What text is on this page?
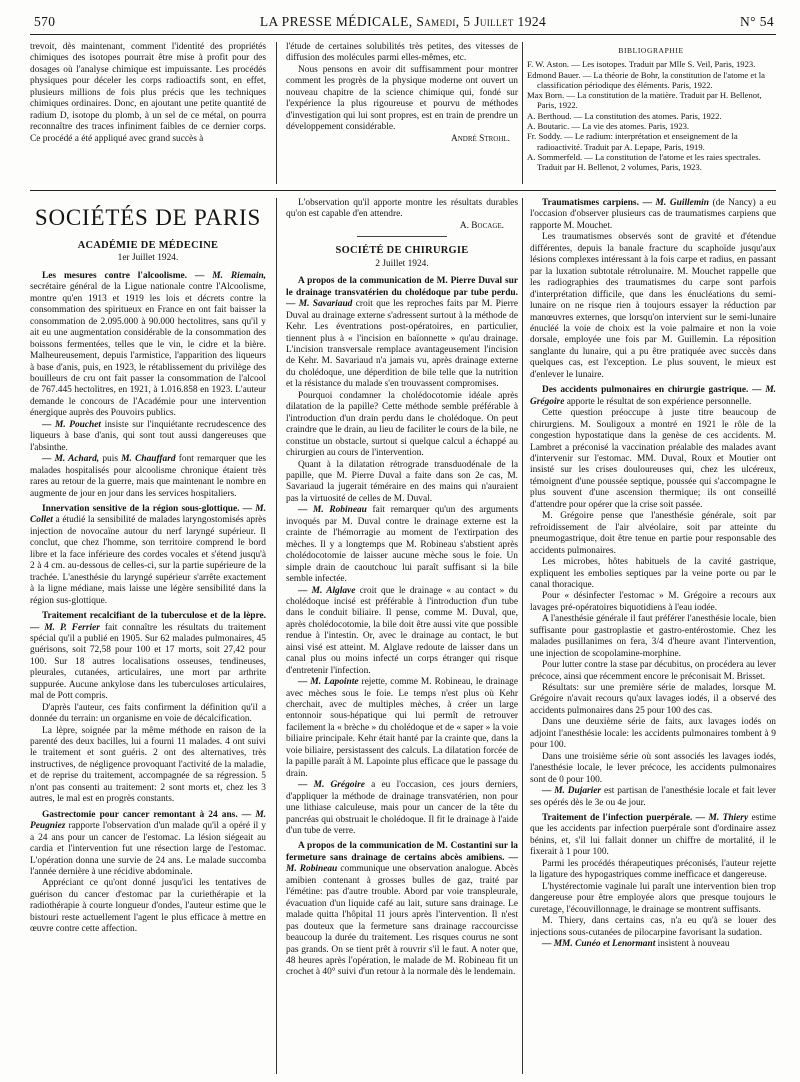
570	LA PRESSE MÉDICALE, Samedi, 5 Juillet 1924	N° 54

trevoit, dès maintenant, comment l'identité des propriétés chimiques des isotopes pourrait être mise à profit pour des dosages où l'analyse chimique est impuissante. Les procédés physiques pour déceler les corps radioactifs sont, en effet, plusieurs millions de fois plus précis que les techniques chimiques ordinaires. Donc, en ajoutant une petite quantité de radium D, isotope du plomb, à un sel de ce métal, on pourra reconnaître des traces infiniment faibles de ce dernier corps. Ce procédé a été appliqué avec grand succès à

l'étude de certaines solubilités très petites, des vitesses de diffusion des molécules parmi elles-mêmes, etc.

Nous pensons en avoir dit suffisamment pour montrer comment les progrès de la physique moderne ont ouvert un nouveau chapitre de la science chimique qui, fondé sur l'expérience la plus rigoureuse et pourvu de méthodes d'investigation qui lui sont propres, est en train de prendre un développement considérable.

André Strohl.
BIBLIOGRAPHIE

F. W. Aston. — Les isotopes. Traduit par Mlle S. Veil, Paris, 1923.

Edmond Bauer. — La théorie de Bohr, la constitution de l'atome et la classification périodique des éléments. Paris, 1922.

Max Born. — La constitution de la matière. Traduit par H. Bellenot, Paris, 1922.

A. Berthoud. — La constitution des atomes. Paris, 1922.

A. Boutaric. — La vie des atomes. Paris, 1923.

Fr. Soddy. — Le radium: interprétation et enseignement de la radioactivité. Traduit par A. Lepape, Paris, 1919.

A. Sommerfeld. — La constitution de l'atome et les raies spectrales. Traduit par H. Bellenot, 2 volumes, Paris, 1923.

SOCIÉTÉS DE PARIS
ACADÉMIE DE MÉDECINE
1er Juillet 1924.

Les mesures contre l'alcoolisme. — M. Riemain, secrétaire général de la Ligue nationale contre l'Alcoolisme, montre qu'en 1913 et 1919 les lois et décrets contre la consommation des spiritueux en France en ont fait baisser la consommation de 2.095.000 à 90.000 hectolitres, sans qu'il y ait eu une augmentation considérable de la consommation des boissons fermentées, telles que le vin, le cidre et la bière. Malheureusement, depuis l'armistice, l'apparition des liqueurs à base d'anis, puis, en 1923, le rétablissement du privilège des bouilleurs de cru ont fait passer la consommation de l'alcool de 767.445 hectolitres, en 1921, à 1.016.858 en 1923. L'auteur demande le concours de l'Académie pour une intervention énergique auprès des Pouvoirs publics.

— M. Pouchet insiste sur l'inquiétante recrudescence des liqueurs à base d'anis, qui sont tout aussi dangereuses que l'absinthe.

— M. Achard, puis M. Chauffard font remarquer que les malades hospitalisés pour alcoolisme chronique étaient très rares au retour de la guerre, mais que maintenant le nombre en augmente de jour en jour dans les services hospitaliers.

Innervation sensitive de la région sous-glottique. — M. Collet a étudié la sensibilité de malades laryngostomisés après injection de novocaïne autour du nerf laryngé supérieur. Il conclut, que chez l'homme, son territoire comprend le bord libre et la face inférieure des cordes vocales et s'étend jusqu'à 2 à 4 cm. au-dessous de celles-ci, sur la partie supérieure de la trachée. L'anesthésie du laryngé supérieur s'arrête exactement à la ligne médiane, mais laisse une légère sensibilité dans la région sus-glottique.

Traitement recalcifiant de la tuberculose et de la lèpre. — M. P. Ferrier fait connaître les résultats du traitement spécial qu'il a publié en 1905. Sur 62 malades pulmonaires, 45 guérisons, soit 72,58 pour 100 et 17 morts, soit 27,42 pour 100. Sur 18 autres localisations osseuses, tendineuses, pleurales, cutanées, articulaires, une mort par arthrite suppurée. Aucune ankylose dans les tuberculoses articulaires, mal de Pott compris.

D'après l'auteur, ces faits confirment la définition qu'il a donnée du terrain: un organisme en voie de décalcification.

La lèpre, soignée par la même méthode en raison de la parenté des deux bacilles, lui a fourni 11 malades. 4 ont suivi le traitement et sont guéris. 2 ont des alternatives, très instructives, de négligence provoquant l'activité de la maladie, et de reprise du traitement, accompagnée de sa régression. 5 n'ont pas consenti au traitement: 2 sont morts et, chez les 3 autres, le mal est en progrès constants.

Gastrectomie pour cancer remontant à 24 ans. — M. Peugniez rapporte l'observation d'un malade qu'il a opéré il y a 24 ans pour un cancer de l'estomac. La lésion siégeait au cardia et l'intervention fut une résection large de l'estomac. L'opération donna une survie de 24 ans. Le malade succomba l'année dernière à une récidive abdominale.

Appréciant ce qu'ont donné jusqu'ici les tentatives de guérison du cancer d'estomac par la curiethérapie et la radiothérapie à courte longueur d'ondes, l'auteur estime que le bistouri reste actuellement l'agent le plus efficace à mettre en œuvre contre cette affection.

L'observation qu'il apporte montre les résultats durables qu'on est capable d'en attendre.

A. Bocage.
SOCIÉTÉ DE CHIRURGIE
2 Juillet 1924.

A propos de la communication de M. Pierre Duval sur le drainage transvatérien du cholédoque par tube perdu. — M. Savariaud croit que les reproches faits par M. Pierre Duval au drainage externe s'adressent surtout à la méthode de Kehr. Les éventrations post-opératoires, en particulier, tiennent plus à « l'incision en baïonnette » qu'au drainage. L'incision transversale remplace avantageusement l'incision de Kehr. M. Savariaud n'a jamais vu, après drainage externe du cholédoque, une déperdition de bile telle que la nutrition et la résistance du malade s'en trouvassent compromises.

Pourquoi condamner la cholédocotomie idéale après dilatation de la papille? Cette méthode semble préférable à l'introduction d'un drain perdu dans le cholédoque. On peut craindre que le drain, au lieu de faciliter le cours de la bile, ne constitue un obstacle, surtout si quelque calcul a échappé au chirurgien au cours de l'intervention.

Quant à la dilatation rétrograde transduodénale de la papille, que M. Pierre Duval a faite dans son 2e cas, M. Savariaud la jugerait téméraire en des mains qui n'auraient pas la virtuosité de celles de M. Duval.

— M. Robineau fait remarquer qu'un des arguments invoqués par M. Duval contre le drainage externe est la crainte de l'hémorragie au moment de l'extirpation des mèches. Il y a longtemps que M. Robineau s'abstient après cholédocotomie de laisser aucune mèche sous le foie. Un simple drain de caoutchouc lui paraît suffisant si la bile semble infectée.

— M. Alglave croit que le drainage « au contact » du cholédoque incisé est préférable à l'introduction d'un tube dans le conduit biliaire. Il pense, comme M. Duval, que, après cholédocotomie, la bile doit être aussi vite que possible rendue à l'intestin. Or, avec le drainage au contact, le but ainsi visé est atteint. M. Alglave redoute de laisser dans un canal plus ou moins infecté un corps étranger qui risque d'entretenir l'infection.

— M. Lapointe rejette, comme M. Robineau, le drainage avec mèches sous le foie. Le temps n'est plus où Kehr cherchait, avec de multiples mèches, à créer un large entonnoir sous-hépatique qui lui permît de retrouver facilement la « brèche » du cholédoque et de « saper » la voie biliaire principale. Kehr était hanté par la crainte que, dans la voie biliaire, persistassent des calculs. La dilatation forcée de la papille paraît à M. Lapointe plus efficace que le passage du drain.

— M. Grégoire a eu l'occasion, ces jours derniers, d'appliquer la méthode de drainage transvatérien, non pour une lithiase calculeuse, mais pour un cancer de la tête du pancréas qui obstruait le cholédoque. Il fit le drainage à l'aide d'un tube de verre.

A propos de la communication de M. Costantini sur la fermeture sans drainage de certains abcès amibiens. — M. Robineau communique une observation analogue. Abcès amibien contenant à grosses bulles de gaz, traité par l'émétine: pas d'autre trouble. Abord par voie transpleurale, évacuation d'un liquide café au lait, suture sans drainage. Le malade quitta l'hôpital 11 jours après l'intervention. Il n'est pas douteux que la fermeture sans drainage raccourcisse beaucoup la durée du traitement. Les risques courus ne sont pas grands. On se tient prêt à rouvrir s'il le faut. A noter que, 48 heures après l'opération, le malade de M. Robineau fit un crochet à 40° suivi d'un retour à la normale dès le lendemain.

Traumatismes carpiens. — M. Guillemin (de Nancy) a eu l'occasion d'observer plusieurs cas de traumatismes carpiens que rapporte M. Mouchet.

Les traumatismes observés sont de gravité et d'étendue différentes, depuis la banale fracture du scaphoïde jusqu'aux lésions complexes intéressant à la fois carpe et radius, en passant par la luxation subtotale rétrolunaire. M. Mouchet rappelle que les radiographies des traumatismes du carpe sont parfois d'interprétation difficile, que dans les énucléations du semi-lunaire on ne risque rien à toujours essayer la réduction par manœuvres externes, que lorsqu'on intervient sur le semi-lunaire énucléé la voie de choix est la voie palmaire et non la voie dorsale, employée une fois par M. Guillemin. La réposition sanglante du lunaire, qui a pu être pratiquée avec succès dans quelques cas, est l'exception. Le plus souvent, le mieux est d'enlever le lunaire.

Des accidents pulmonaires en chirurgie gastrique. — M. Grégoire apporte le résultat de son expérience personnelle.

Cette question préoccupe à juste titre beaucoup de chirurgiens. M. Souligoux a montré en 1921 le rôle de la congestion hypostatique dans la genèse de ces accidents. M. Lambret a préconisé la vaccination préalable des malades avant d'intervenir sur l'estomac. MM. Duval, Roux et Moutier ont insisté sur les crises douloureuses qui, chez les ulcéreux, témoignent d'une poussée septique, poussée qui s'accompagne le plus souvent d'une ascension thermique; ils ont conseillé d'attendre pour opérer que la crise soit passée.

M. Grégoire pense que l'anesthésie générale, soit par refroidissement de l'air alvéolaire, soit par atteinte du pneumogastrique, doit être tenue en partie pour responsable des accidents pulmonaires.

Les microbes, hôtes habituels de la cavité gastrique, expliquent les embolies septiques par la veine porte ou par le canal thoracique.

Pour « désinfecter l'estomac » M. Grégoire a recours aux lavages pré-opératoires biquotidiens à l'eau iodée.

A l'anesthésie générale il faut préférer l'anesthésie locale, bien suffisante pour gastroplastie et gastro-entérostomie. Chez les malades pusillanimes on fera, 3/4 d'heure avant l'intervention, une injection de scopolamine-morphine.

Pour lutter contre la stase par décubitus, on procédera au lever précoce, ainsi que récemment encore le préconisait M. Brisset.

Résultats: sur une première série de malades, lorsque M. Grégoire n'avait recours qu'aux lavages iodés, il a observé des accidents pulmonaires dans 25 pour 100 des cas.

Dans une deuxième série de faits, aux lavages iodés on adjoint l'anesthésie locale: les accidents pulmonaires tombent à 9 pour 100.

Dans une troisième série où sont associés les lavages iodés, l'anesthésie locale, le lever précoce, les accidents pulmonaires sont de 0 pour 100.

— M. Dujarier est partisan de l'anesthésie locale et fait lever ses opérés dès le 3e ou 4e jour.

Traitement de l'infection puerpérale. — M. Thiery estime que les accidents par infection puerpérale sont d'ordinaire assez bénins, et, s'il lui fallait donner un chiffre de mortalité, il le fixerait à 1 pour 100.

Parmi les procédés thérapeutiques préconisés, l'auteur rejette la ligature des hypogastriques comme inefficace et dangereuse.

L'hystérectomie vaginale lui paraît une intervention bien trop dangereuse pour être employée alors que presque toujours le curetage, l'écouvillonnage, le drainage se montrent suffisants.

M. Thiery, dans certains cas, n'a eu qu'à se louer des injections sous-cutanées de pilocarpine favorisant la sudation.

— MM. Cunéo et Lenormant insistent à nouveau
